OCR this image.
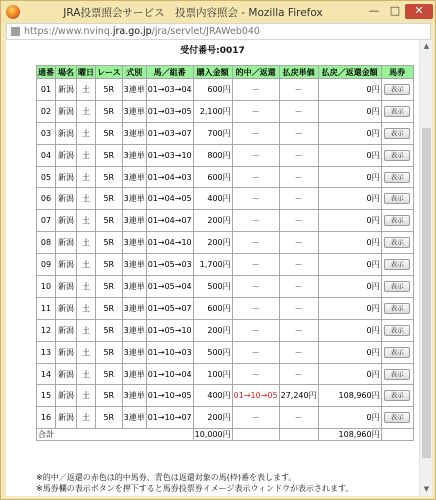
JRA投票照会サービス　投票内容照会 - Mozilla Firefox	— □	✕
https://www.nvinq.jra.go.jp/jra/servlet/JRAWeb040
受付番号:0017
通番	場名	曜日	レース	式別	馬／組番	購入金額	的中／返還	払戻単価	払戻／返還金額	馬券
01	新潟	土	5R	3連単	01→03→04	600円	－	－	0円	表示
02	新潟	土	5R	3連単	01→03→05	2,100円	－	－	0円	表示
03	新潟	土	5R	3連単	01→03→07	700円	－	－	0円	表示
04	新潟	土	5R	3連単	01→03→10	800円	－	－	0円	表示
05	新潟	土	5R	3連単	01→04→03	600円	－	－	0円	表示
06	新潟	土	5R	3連単	01→04→05	400円	－	－	0円	表示
07	新潟	土	5R	3連単	01→04→07	200円	－	－	0円	表示
08	新潟	土	5R	3連単	01→04→10	200円	－	－	0円	表示
09	新潟	土	5R	3連単	01→05→03	1,700円	－	－	0円	表示
10	新潟	土	5R	3連単	01→05→04	500円	－	－	0円	表示
11	新潟	土	5R	3連単	01→05→07	600円	－	－	0円	表示
12	新潟	土	5R	3連単	01→05→10	200円	－	－	0円	表示
13	新潟	土	5R	3連単	01→10→03	500円	－	－	0円	表示
14	新潟	土	5R	3連単	01→10→04	100円	－	－	0円	表示
15	新潟	土	5R	3連単	01→10→05	400円	01→10→05	27,240円	108,960円	表示
16	新潟	土	5R	3連単	01→10→07	200円	－	－	0円	表示
合計						10,000円			108,960円	
※的中／返還の赤色は的中馬券、青色は返還対象の馬(枠)番を表します。
※馬券欄の表示ボタンを押下すると馬券投票券イメージ表示ウィンドウが表示されます。
▲
▼
